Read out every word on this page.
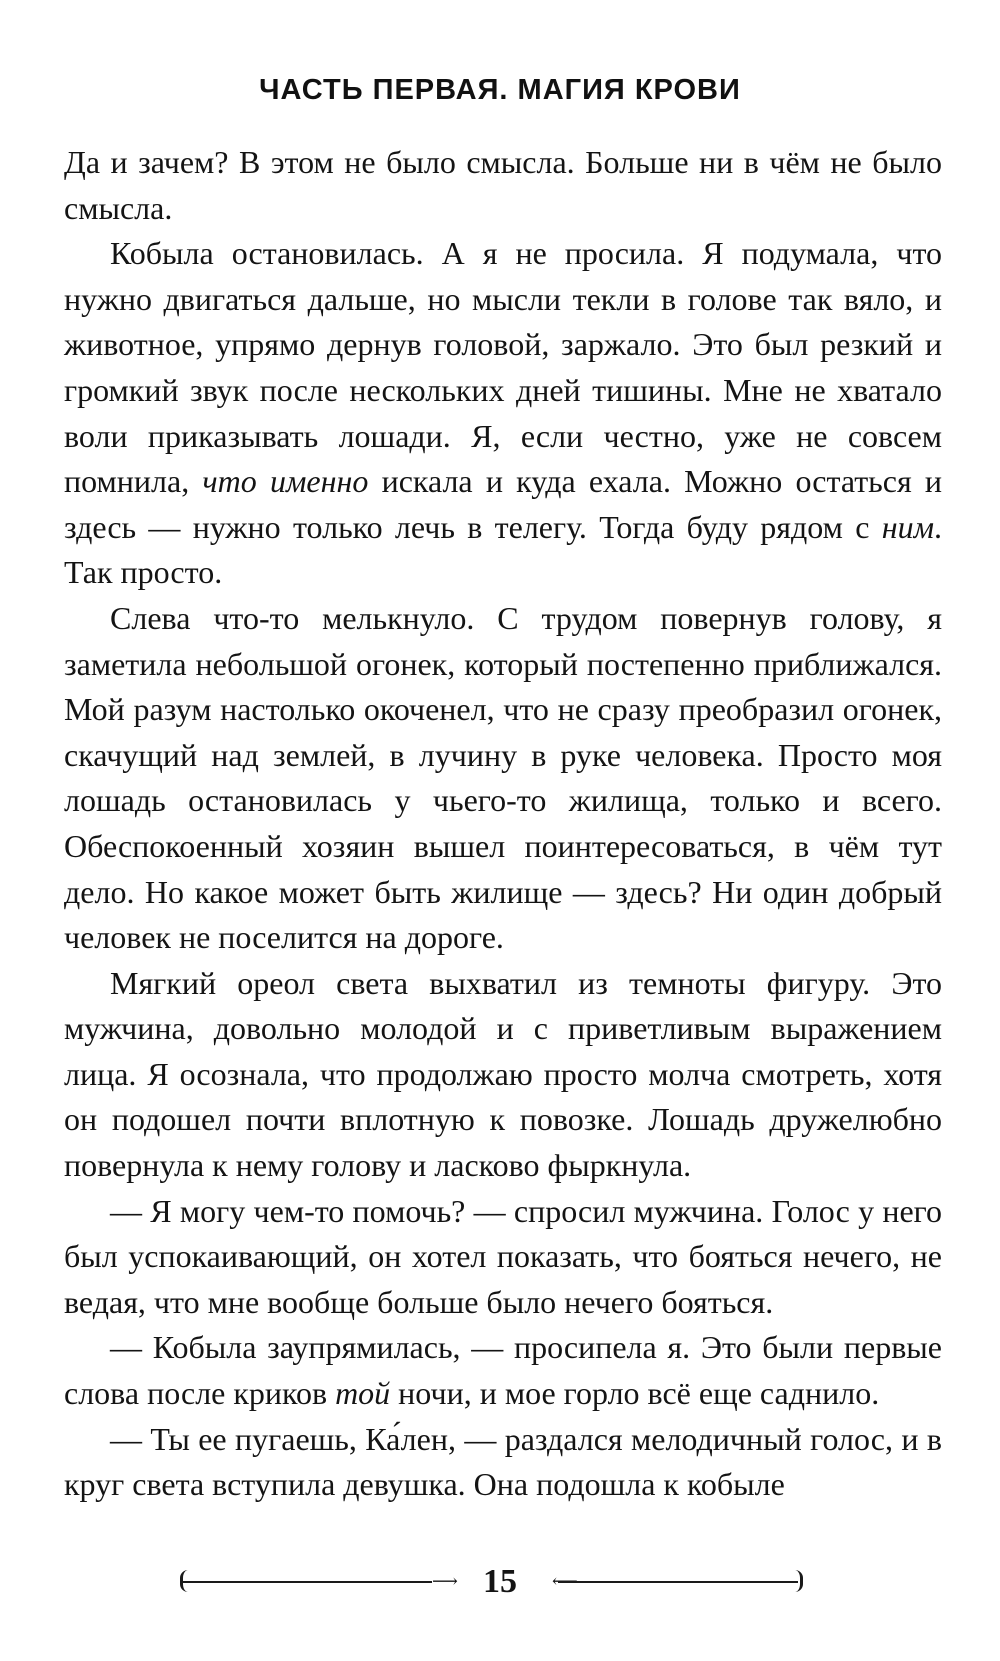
ЧАСТЬ ПЕРВАЯ. МАГИЯ КРОВИ

Да и зачем? В этом не было смысла. Больше ни в чём не было смысла.

Кобыла остановилась. А я не просила. Я подумала, что нужно двигаться дальше, но мысли текли в голове так вяло, и животное, упрямо дернув головой, заржало. Это был резкий и громкий звук после нескольких дней тишины. Мне не хватало воли приказывать лошади. Я, если честно, уже не совсем помнила, что именно искала и куда ехала. Можно остаться и здесь — нужно только лечь в телегу. Тогда буду рядом с ним. Так просто.

Слева что-то мелькнуло. С трудом повернув голову, я заметила небольшой огонек, который постепенно приближался. Мой разум настолько окоченел, что не сразу преобразил огонек, скачущий над землей, в лучину в руке человека. Просто моя лошадь остановилась у чьего-то жилища, только и всего. Обеспокоенный хозяин вышел поинтересоваться, в чём тут дело. Но какое может быть жилище — здесь? Ни один добрый человек не поселится на дороге.

Мягкий ореол света выхватил из темноты фигуру. Это мужчина, довольно молодой и с приветливым выражением лица. Я осознала, что продолжаю просто молча смотреть, хотя он подошел почти вплотную к повозке. Лошадь дружелюбно повернула к нему голову и ласково фыркнула.

— Я могу чем-то помочь? — спросил мужчина. Голос у него был успокаивающий, он хотел показать, что бояться нечего, не ведая, что мне вообще больше было нечего бояться.

— Кобыла заупрямилась, — просипела я. Это были первые слова после криков той ночи, и мое горло всё еще саднило.

— Ты ее пугаешь, Ка́лен, — раздался мелодичный голос, и в круг света вступила девушка. Она подошла к кобыле

⟶ 15	⟵
